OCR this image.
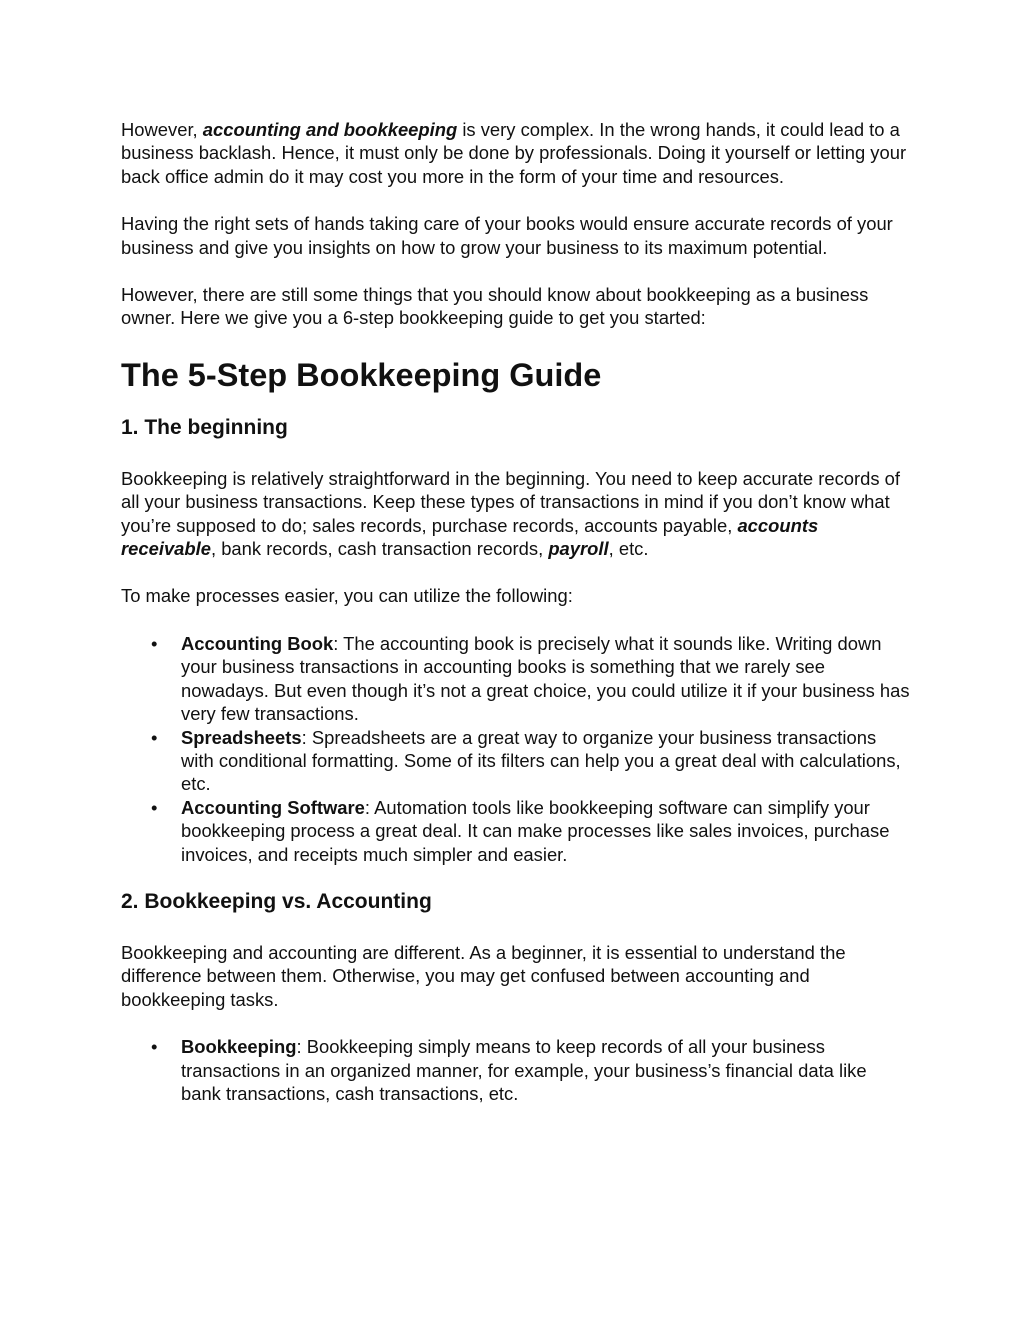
However, accounting and bookkeeping is very complex. In the wrong hands, it could lead to a business backlash. Hence, it must only be done by professionals. Doing it yourself or letting your back office admin do it may cost you more in the form of your time and resources.

Having the right sets of hands taking care of your books would ensure accurate records of your business and give you insights on how to grow your business to its maximum potential.

However, there are still some things that you should know about bookkeeping as a business owner. Here we give you a 6-step bookkeeping guide to get you started:

The 5-Step Bookkeeping Guide
1. The beginning

Bookkeeping is relatively straightforward in the beginning. You need to keep accurate records of all your business transactions. Keep these types of transactions in mind if you don’t know what you’re supposed to do; sales records, purchase records, accounts payable, accounts receivable, bank records, cash transaction records, payroll, etc.

To make processes easier, you can utilize the following:

• Accounting Book: The accounting book is precisely what it sounds like. Writing down your business transactions in accounting books is something that we rarely see nowadays. But even though it’s not a great choice, you could utilize it if your business has very few transactions.
• Spreadsheets: Spreadsheets are a great way to organize your business transactions with conditional formatting. Some of its filters can help you a great deal with calculations, etc.
• Accounting Software: Automation tools like bookkeeping software can simplify your bookkeeping process a great deal. It can make processes like sales invoices, purchase invoices, and receipts much simpler and easier.
2. Bookkeeping vs. Accounting

Bookkeeping and accounting are different. As a beginner, it is essential to understand the difference between them. Otherwise, you may get confused between accounting and bookkeeping tasks.

• Bookkeeping: Bookkeeping simply means to keep records of all your business transactions in an organized manner, for example, your business’s financial data like bank transactions, cash transactions, etc.
